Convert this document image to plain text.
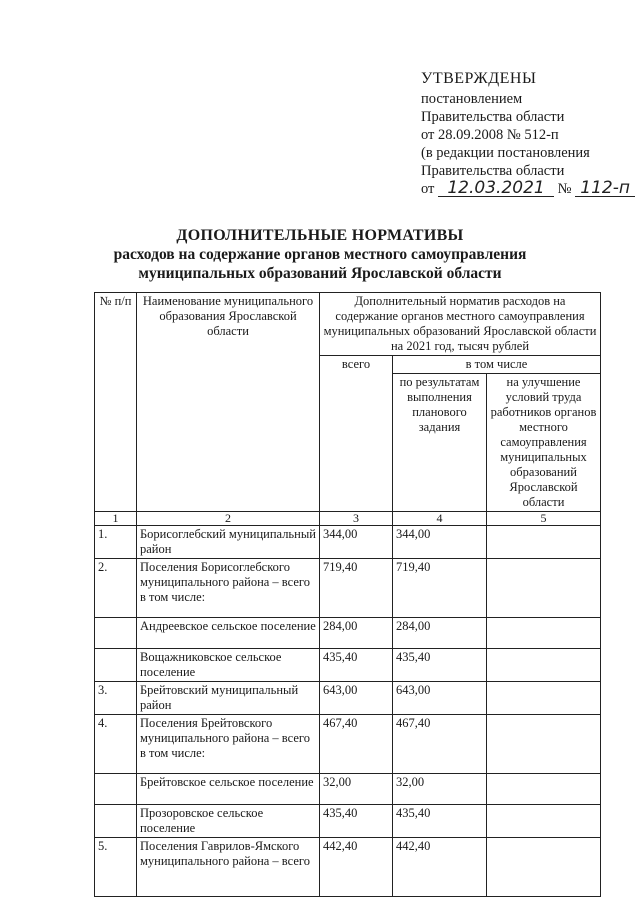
УТВЕРЖДЕНЫ
постановлением
Правительства области
от 28.09.2008 № 512-п
(в редакции постановления
Правительства области
от 12.03.2021 № 112-п
ДОПОЛНИТЕЛЬНЫЕ НОРМАТИВЫ
расходов на содержание органов местного самоуправления
муниципальных образований Ярославской области
№ п/п	Наименование муниципального образования Ярославской области	Дополнительный норматив расходов на содержание органов местного самоуправления муниципальных образований Ярославской области на 2021 год, тысяч рублей		
		всего	в том числе	
			по результатам выполнения планового задания	на улучшение условий труда работников органов местного самоуправления муниципальных образований Ярославской области
1	2	3	4	5
1.	Борисоглебский муниципальный район	344,00	344,00	
2.	Поселения Борисоглебского муниципального района – всего в том числе:	719,40	719,40	
	Андреевское сельское поселение	284,00	284,00	
	Вощажниковское сельское поселение	435,40	435,40	
3.	Брейтовский муниципальный район	643,00	643,00	
4.	Поселения Брейтовского муниципального района – всего в том числе:	467,40	467,40	
	Брейтовское сельское поселение	32,00	32,00	
	Прозоровское сельское поселение	435,40	435,40	
5.	Поселения Гаврилов-Ямского муниципального района – всего	442,40	442,40	
